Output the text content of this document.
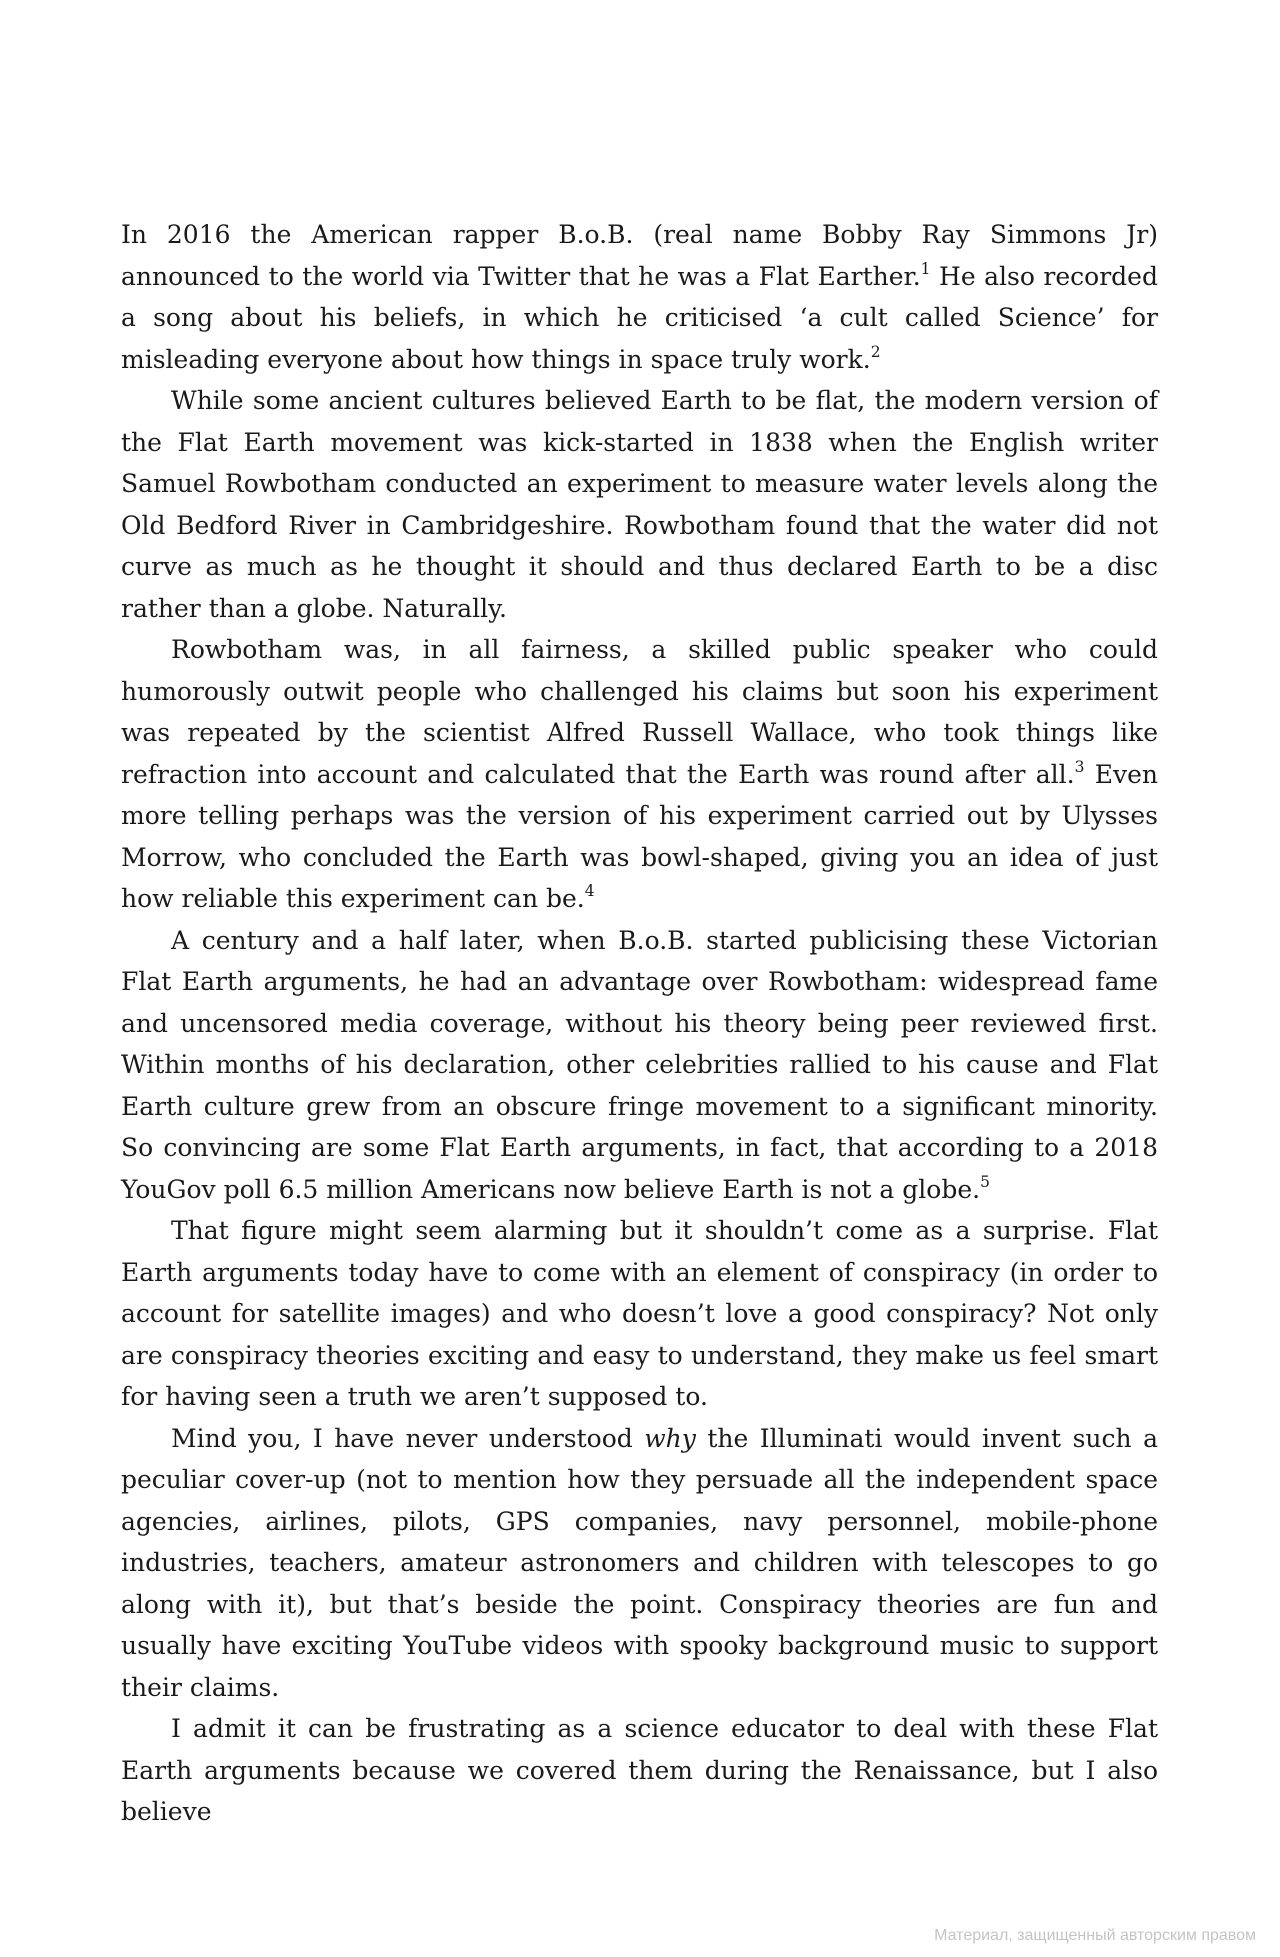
In 2016 the American rapper B.o.B. (real name Bobby Ray Simmons Jr) announced to the world via Twitter that he was a Flat Earther.$^1$ He also recorded a song about his beliefs, in which he criticised ‘a cult called Science’ for misleading everyone about how things in space truly work.$^2$

While some ancient cultures believed Earth to be flat, the modern version of the Flat Earth movement was kick-started in 1838 when the English writer Samuel Rowbotham conducted an experiment to measure water levels along the Old Bedford River in Cambridgeshire. Rowbotham found that the water did not curve as much as he thought it should and thus declared Earth to be a disc rather than a globe. Naturally.

Rowbotham was, in all fairness, a skilled public speaker who could humorously outwit people who challenged his claims but soon his experiment was repeated by the scientist Alfred Russell Wallace, who took things like refraction into account and calculated that the Earth was round after all.$^3$ Even more telling perhaps was the version of his experiment carried out by Ulysses Morrow, who concluded the Earth was bowl-shaped, giving you an idea of just how reliable this experiment can be.$^4$

A century and a half later, when B.o.B. started publicising these Victorian Flat Earth arguments, he had an advantage over Rowbotham: widespread fame and uncensored media coverage, without his theory being peer reviewed first. Within months of his declaration, other celebrities rallied to his cause and Flat Earth culture grew from an obscure fringe movement to a significant minority. So convincing are some Flat Earth arguments, in fact, that according to a 2018 YouGov poll 6.5 million Americans now believe Earth is not a globe.$^5$

That figure might seem alarming but it shouldn’t come as a surprise. Flat Earth arguments today have to come with an element of conspiracy (in order to account for satellite images) and who doesn’t love a good conspiracy? Not only are conspiracy theories exciting and easy to understand, they make us feel smart for having seen a truth we aren’t supposed to.

Mind you, I have never understood why the Illuminati would invent such a peculiar cover-up (not to mention how they persuade all the independent space agencies, airlines, pilots, GPS companies, navy personnel, mobile-phone industries, teachers, amateur astronomers and children with telescopes to go along with it), but that’s beside the point. Conspiracy theories are fun and usually have exciting YouTube videos with spooky background music to support their claims.

I admit it can be frustrating as a science educator to deal with these Flat Earth arguments because we covered them during the Renaissance, but I also believe

Материал, защищенный авторским правом
